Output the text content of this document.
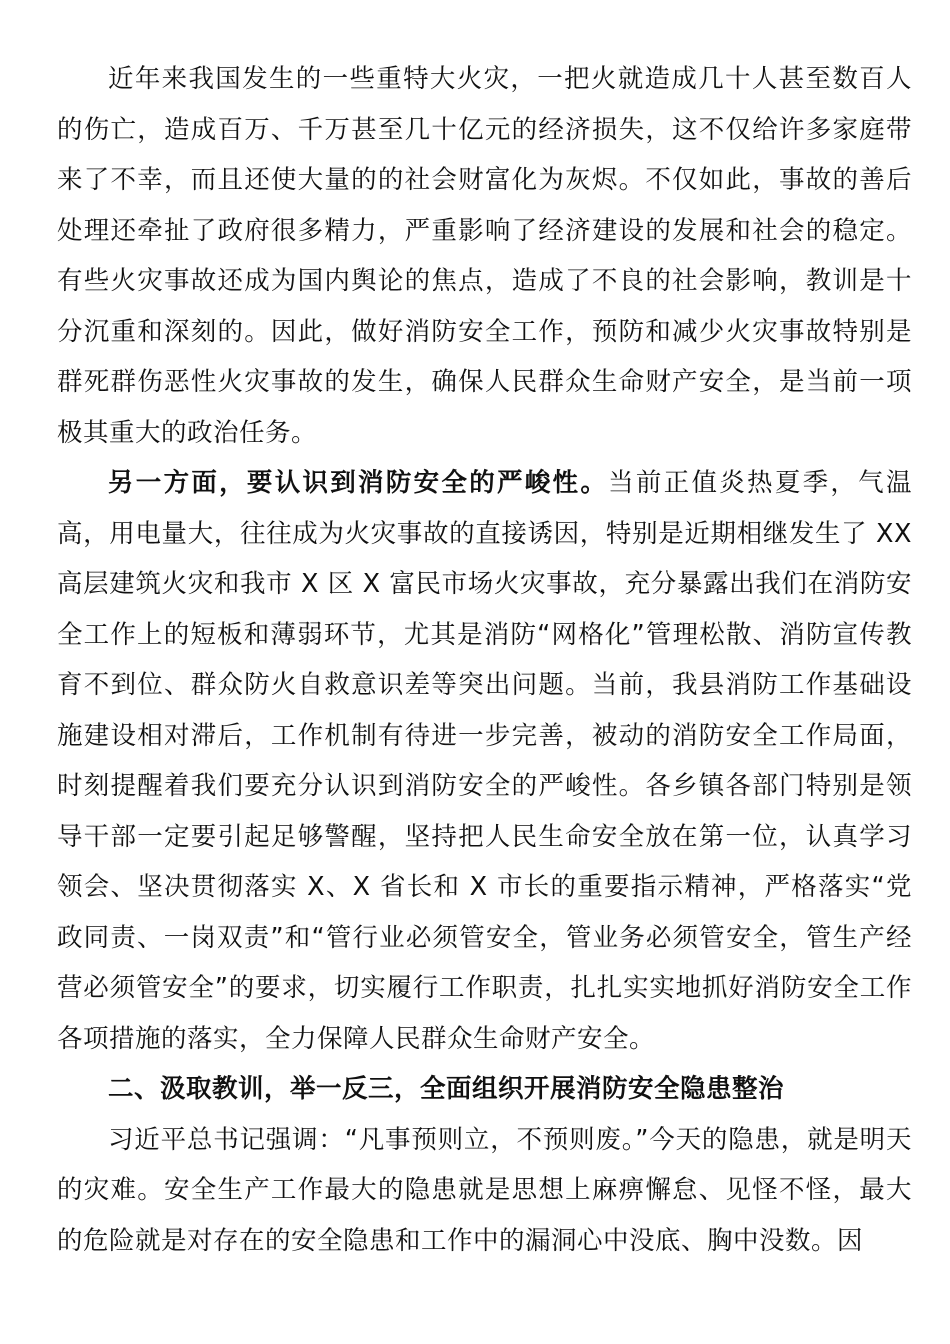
近年来我国发生的一些重特大火灾，一把火就造成几十人甚至数百人的伤亡，造成百万、千万甚至几十亿元的经济损失，这不仅给许多家庭带来了不幸，而且还使大量的的社会财富化为灰烬。不仅如此，事故的善后处理还牵扯了政府很多精力，严重影响了经济建设的发展和社会的稳定。有些火灾事故还成为国内舆论的焦点，造成了不良的社会影响，教训是十分沉重和深刻的。因此，做好消防安全工作，预防和减少火灾事故特别是群死群伤恶性火灾事故的发生，确保人民群众生命财产安全，是当前一项极其重大的政治任务。

另一方面，要认识到消防安全的严峻性。当前正值炎热夏季，气温高，用电量大，往往成为火灾事故的直接诱因，特别是近期相继发生了 XX 高层建筑火灾和我市 X 区 X 富民市场火灾事故，充分暴露出我们在消防安全工作上的短板和薄弱环节，尤其是消防“网格化”管理松散、消防宣传教育不到位、群众防火自救意识差等突出问题。当前，我县消防工作基础设施建设相对滞后，工作机制有待进一步完善，被动的消防安全工作局面，时刻提醒着我们要充分认识到消防安全的严峻性。各乡镇各部门特别是领导干部一定要引起足够警醒，坚持把人民生命安全放在第一位，认真学习领会、坚决贯彻落实 X、X 省长和 X 市长的重要指示精神，严格落实“党政同责、一岗双责”和“管行业必须管安全，管业务必须管安全，管生产经营必须管安全”的要求，切实履行工作职责，扎扎实实地抓好消防安全工作各项措施的落实，全力保障人民群众生命财产安全。

二、汲取教训，举一反三，全面组织开展消防安全隐患整治

习近平总书记强调：“凡事预则立，不预则废。”今天的隐患，就是明天的灾难。安全生产工作最大的隐患就是思想上麻痹懈怠、见怪不怪，最大的危险就是对存在的安全隐患和工作中的漏洞心中没底、胸中没数。因
